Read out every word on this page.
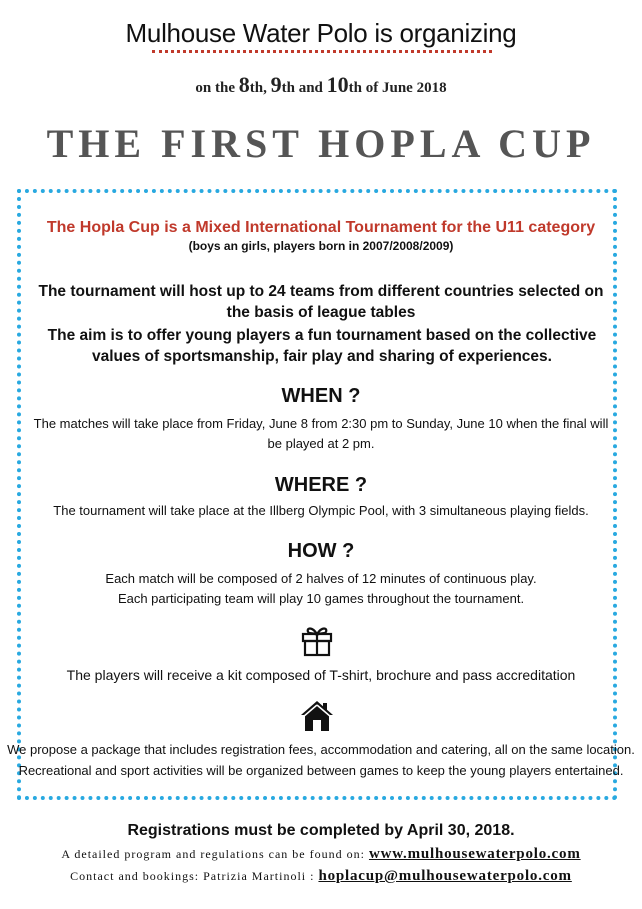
Mulhouse Water Polo is organizing
on the 8th, 9th and 10th of June 2018
THE FIRST HOPLA CUP
The Hopla Cup is a Mixed International Tournament for the U11 category
(boys an girls, players born in 2007/2008/2009)
The tournament will host up to 24 teams from different countries selected on the basis of league tables
The aim is to offer young players a fun tournament based on the collective values of sportsmanship, fair play and sharing of experiences.
WHEN ?
The matches will take place from Friday, June 8 from 2:30 pm to Sunday, June 10 when the final will be played at 2 pm.
WHERE ?
The tournament will take place at the Illberg Olympic Pool, with 3 simultaneous playing fields.
HOW ?
Each match will be composed of 2 halves of 12 minutes of continuous play.
Each participating team will play 10 games throughout the tournament.
The players will receive a kit composed of T-shirt, brochure and pass accreditation
We propose a package that includes registration fees, accommodation and catering, all on the same location.
Recreational and sport activities will be organized between games to keep the young players entertained.
Registrations must be completed by April 30, 2018.
A detailed program and regulations can be found on: www.mulhousewaterpolo.com
Contact and bookings: Patrizia Martinoli : hoplacup@mulhousewaterpolo.com
